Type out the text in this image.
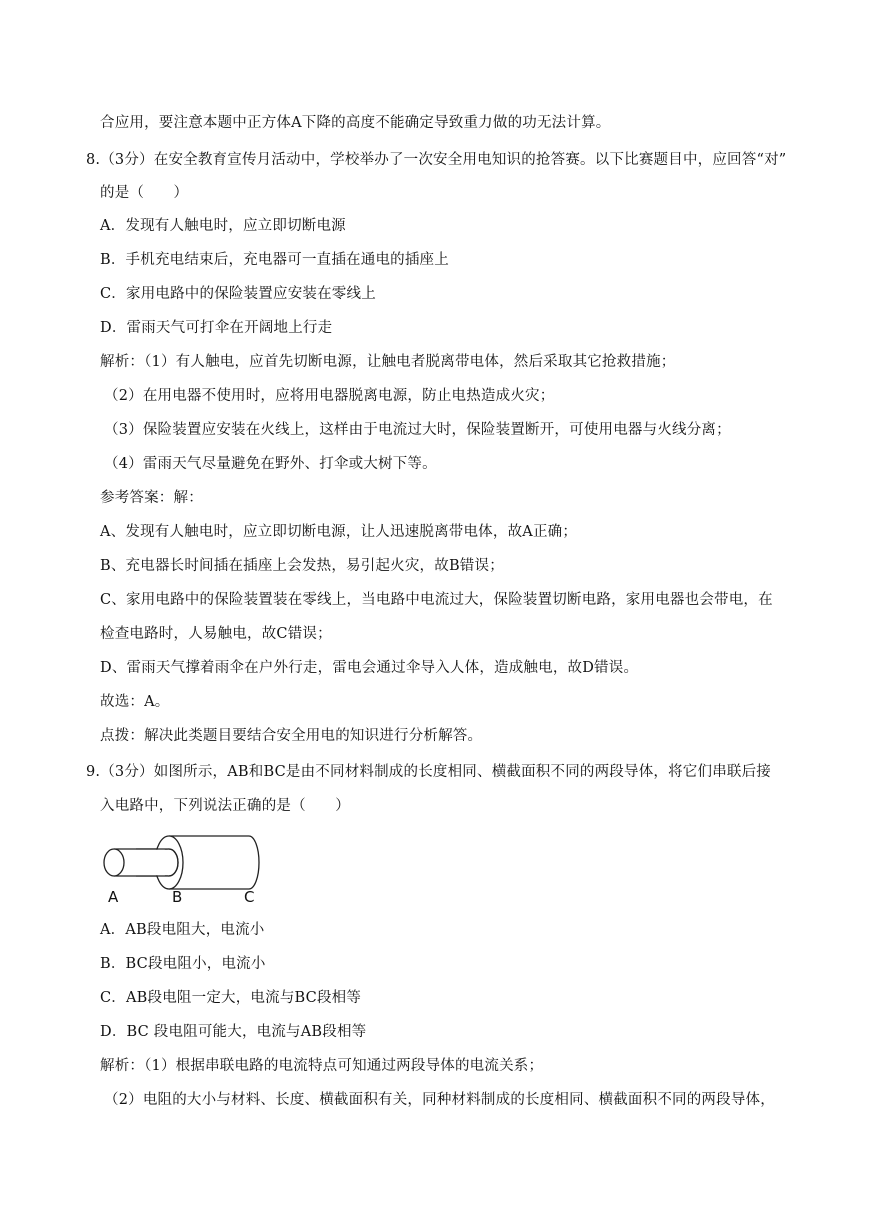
合应用，要注意本题中正方体A下降的高度不能确定导致重力做的功无法计算。
8.（3分）在安全教育宣传月活动中，学校举办了一次安全用电知识的抢答赛。以下比赛题目中，应回答“对”
的是（　　）
A．发现有人触电时，应立即切断电源
B．手机充电结束后，充电器可一直插在通电的插座上
C．家用电路中的保险装置应安装在零线上
D．雷雨天气可打伞在开阔地上行走
解析：（1）有人触电，应首先切断电源，让触电者脱离带电体，然后采取其它抢救措施；
（2）在用电器不使用时，应将用电器脱离电源，防止电热造成火灾；
（3）保险装置应安装在火线上，这样由于电流过大时，保险装置断开，可使用电器与火线分离；
（4）雷雨天气尽量避免在野外、打伞或大树下等。
参考答案：解：
A、发现有人触电时，应立即切断电源，让人迅速脱离带电体，故A正确；
B、充电器长时间插在插座上会发热，易引起火灾，故B错误；
C、家用电路中的保险装置装在零线上，当电路中电流过大，保险装置切断电路，家用电器也会带电，在
检查电路时，人易触电，故C错误；
D、雷雨天气撑着雨伞在户外行走，雷电会通过伞导入人体，造成触电，故D错误。
故选：A。
点拨：解决此类题目要结合安全用电的知识进行分析解答。
9.（3分）如图所示，AB和BC是由不同材料制成的长度相同、横截面积不同的两段导体，将它们串联后接
入电路中，下列说法正确的是（　　）
A	B	C
A．AB段电阻大，电流小
B．BC段电阻小，电流小
C．AB段电阻一定大，电流与BC段相等
D．BC 段电阻可能大，电流与AB段相等
解析：（1）根据串联电路的电流特点可知通过两段导体的电流关系；
（2）电阻的大小与材料、长度、横截面积有关，同种材料制成的长度相同、横截面积不同的两段导体，
